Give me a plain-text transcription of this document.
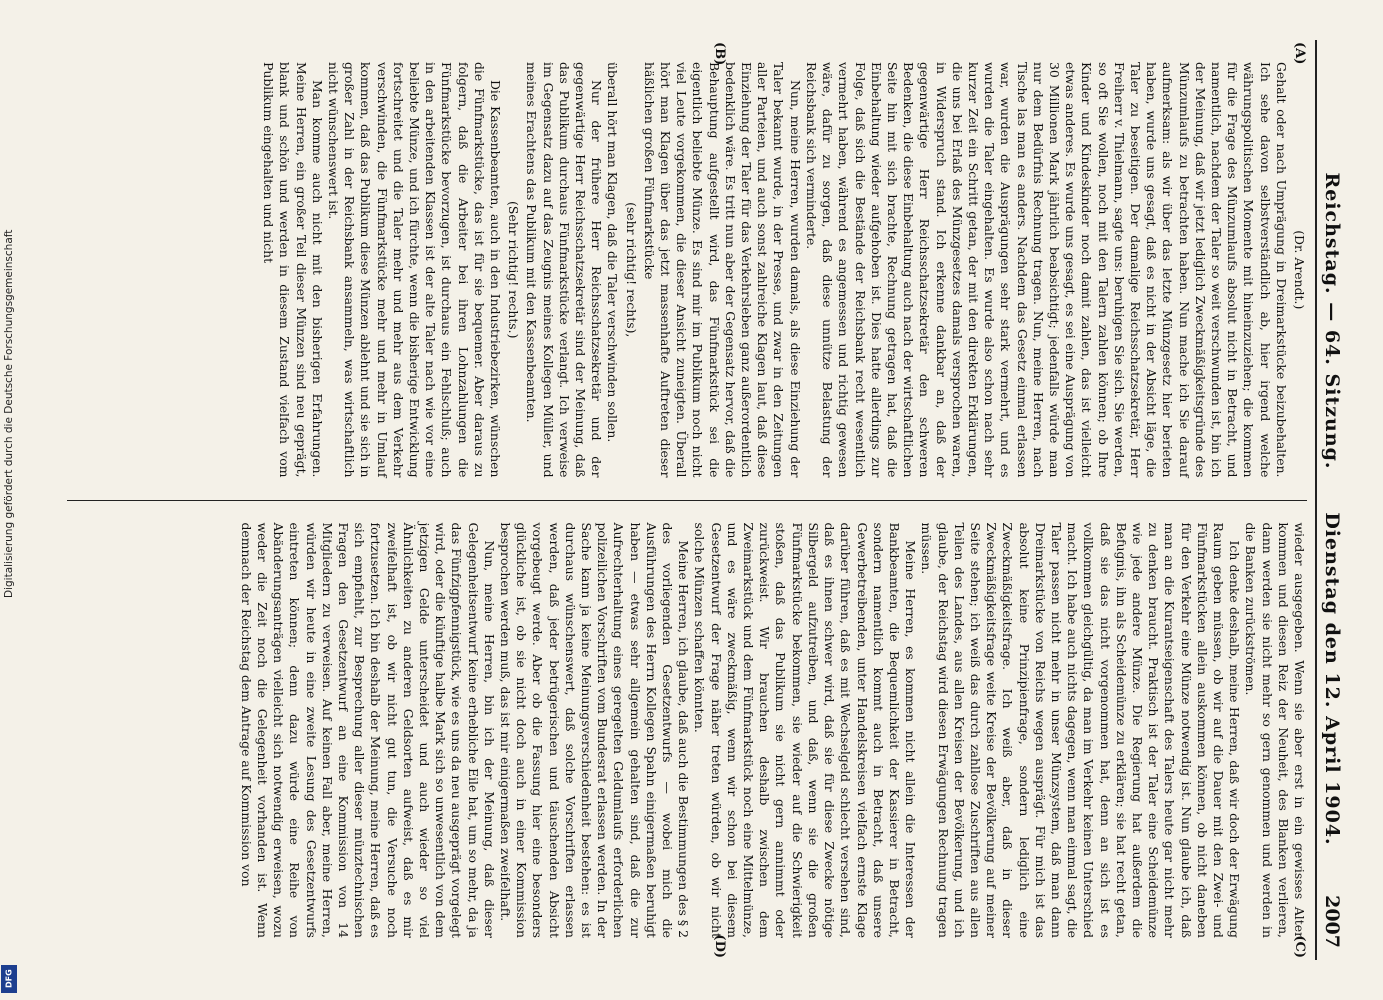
Reichstag. — 64. Sitzung.
Dienstag den 12. April 1904.
2007
(A)
(B)
(Dr. Arendt.)

Gehalt oder nach Umprägung in Dreimarkstücke beizubehalten. Ich sehe davon selbstverständlich ab, hier irgend welche währungspolitischen Momente mit hineinzuziehen; die kommen für die Frage des Münzumlaufs absolut nicht in Betracht, und namentlich, nachdem der Taler so weit verschwunden ist, bin ich der Meinung, daß wir jetzt lediglich Zweckmäßigkeitsgründe des Münzumlaufs zu betrachten haben. Nun mache ich Sie darauf aufmerksam: als wir über das letzte Münzgesetz hier berieten haben, wurde uns gesagt, daß es nicht in der Absicht läge, die Taler zu beseitigen. Der damalige Reichsschatzsekretär, Herr Freiherr v. Thielmann, sagte uns: beruhigen Sie sich. Sie werden, so oft Sie wollen, noch mit den Talern zahlen können; ob Ihre Kinder und Kindeskinder noch damit zahlen, das ist vielleicht etwas anderes. Es wurde uns gesagt, es sei eine Ausprägung von 30 Millionen Mark jährlich beabsichtigt; jedenfalls würde man nur dem Bedürfnis Rechnung tragen. Nun, meine Herren, nach Tische las man es anders. Nachdem das Gesetz einmal erlassen war, wurden die Ausprägungen sehr stark vermehrt, und es wurden die Taler eingehalten. Es wurde also schon nach sehr kurzer Zeit ein Schritt getan, der mit den direkten Erklärungen, die uns bei Erlaß des Münzgesetzes damals versprochen waren, in Widerspruch stand. Ich erkenne dankbar an, daß der gegenwärtige Herr Reichsschatzsekretär den schweren Bedenken, die diese Einbehaltung auch nach der wirtschaftlichen Seite hin mit sich brachte, Rechnung getragen hat, daß die Einbehaltung wieder aufgehoben ist. Dies hatte allerdings zur Folge, daß sich die Bestände der Reichsbank recht wesentlich vermehrt haben, während es angemessen und richtig gewesen wäre, dafür zu sorgen, daß diese unnütze Belastung der Reichsbank sich verminderte.

Nun, meine Herren, wurden damals, als diese Einziehung der Taler bekannt wurde, in der Presse, und zwar in den Zeitungen aller Parteien, und auch sonst zahlreiche Klagen laut, daß diese Einziehung der Taler für das Verkehrsleben ganz außerordentlich bedenklich wäre. Es tritt nun aber der Gegensatz hervor, daß die Behauptung aufgestellt wird, das Fünfmarkstück sei die eigentlich beliebte Münze. Es sind mir im Publikum noch nicht viel Leute vorgekommen, die dieser Ansicht zuneigten. Überall hört man Klagen über das jetzt massenhafte Auftreten dieser häßlichen großen Fünfmarkstücke

(sehr richtig! rechts),

überall hört man Klagen, daß die Taler verschwinden sollen.

Nur der frühere Herr Reichsschatzsekretär und der gegenwärtige Herr Reichsschatzsekretär sind der Meinung, daß das Publikum durchaus Fünfmarkstücke verlangt. Ich verweise im Gegensatz dazu auf das Zeugnis meines Kollegen Müller, und meines Erachtens das Publikum mit den Kassenbeamten.

(Sehr richtig! rechts.)

Die Kassenbeamten, auch in den Industriebezirken, wünschen die Fünfmarkstücke, das ist für sie bequemer. Aber daraus zu folgern, daß die Arbeiter bei ihren Lohnzahlungen die Fünfmarkstücke bevorzugen, ist durchaus ein Fehlschluß; auch in den arbeitenden Klassen ist der alte Taler nach wie vor eine beliebte Münze, und ich fürchte, wenn die bisherige Entwicklung fortschreitet und die Taler mehr und mehr aus dem Verkehr verschwinden, die Fünfmarkstücke mehr und mehr in Umlauf kommen, daß das Publikum diese Münzen ablehnt und sie sich in großer Zahl in der Reichsbank ansammeln, was wirtschaftlich nicht wünschenswert ist.

Man komme auch nicht mit den bisherigen Erfahrungen. Meine Herren, ein großer Teil dieser Münzen sind neu geprägt, blank und schön und werden in diesem Zustand vielfach vom Publikum eingehalten und nicht

(C)
(D)

wieder ausgegeben. Wenn sie aber erst in ein gewisses Alter kommen und diesen Reiz der Neuheit, des Blanken verlieren, dann werden sie nicht mehr so gern genommen und werden in die Banken zurückströmen.

Ich denke deshalb, meine Herren, daß wir doch der Erwägung Raum geben müssen, ob wir auf die Dauer mit den Zwei- und Fünfmarkstücken allein auskommen können, ob nicht daneben für den Verkehr eine Münze notwendig ist. Nun glaube ich, daß man an die Kurantseigenschaft des Talers heute gar nicht mehr zu denken braucht. Praktisch ist der Taler eine Scheidemünze wie jede andere Münze. Die Regierung hat außerdem die Befugnis, ihn als Scheidemünze zu erklären; sie hat recht getan, daß sie das nicht vorgenommen hat, denn an sich ist es vollkommen gleichgültig, da man im Verkehr keinen Unterschied macht. Ich habe auch nichts dagegen, wenn man einmal sagt, die Taler passen nicht mehr in unser Münzsystem, daß man dann Dreimarkstücke von Reichs wegen ausprägt. Für mich ist das absolut keine Prinzipienfrage, sondern lediglich eine Zweckmäßigkeitsfrage. Ich weiß aber, daß in dieser Zweckmäßigkeitsfrage weite Kreise der Bevölkerung auf meiner Seite stehen; ich weiß das durch zahllose Zuschriften aus allen Teilen des Landes, aus allen Kreisen der Bevölkerung, und ich glaube, der Reichstag wird diesen Erwägungen Rechnung tragen müssen.

Meine Herren, es kommen nicht allein die Interessen der Bankbeamten, die Bequemlichkeit der Kassierer in Betracht, sondern namentlich kommt auch in Betracht, daß unsere Gewerbetreibenden, unter Handelskreisen vielfach ernste Klage darüber führen, daß es mit Wechselgeld schlecht versehen sind, daß es ihnen schwer wird, daß sie für diese Zwecke nötige Silbergeld aufzutreiben, und daß, wenn sie die großen Fünfmarkstücke bekommen, sie wieder auf die Schwierigkeit stoßen, daß das Publikum sie nicht gern annimmt oder zurückweist. Wir brauchen deshalb zwischen dem Zweimarkstück und dem Fünfmarkstück noch eine Mittelmünze, und es wäre zweckmäßig, wenn wir schon bei diesem Gesetzentwurf der Frage näher treten würden, ob wir nicht solche Münzen schaffen könnten.

Meine Herren, ich glaube, daß auch die Bestimmungen des § 2 des vorliegenden Gesetzentwurfs — wobei mich die Ausführungen des Herrn Kollegen Spahn einigermaßen beruhigt haben — etwas sehr allgemein gehalten sind, daß die zur Aufrechterhaltung eines geregelten Geldumlaufs erforderlichen polizeilichen Vorschriften vom Bundesrat erlassen werden. In der Sache kann ja keine Meinungsverschiedenheit bestehen: es ist durchaus wünschenswert, daß solche Vorschriften erlassen werden, daß jeder betrügerischen und täuschenden Absicht vorgebeugt werde. Aber ob die Fassung hier eine besonders glückliche ist, ob sie nicht doch auch in einer Kommission besprochen werden muß, das ist mir einigermaßen zweifelhaft.

Nun, meine Herren, bin ich der Meinung, daß dieser Gelegenheitsentwurf keine erhebliche Eile hat, um so mehr, da ja das Fünfzigpfennigstück, wie es uns da neu ausgeprägt vorgelegt wird, oder die künftige halbe Mark sich so unwesentlich von dem jetzigen Gelde unterscheidet und auch wieder so viel Ähnlichkeiten zu anderen Geldsorten aufweist, daß es mir zweifelhaft ist, ob wir nicht gut tun, die Versuche noch fortzusetzen. Ich bin deshalb der Meinung, meine Herren, daß es sich empfiehlt, zur Besprechung aller dieser münztechnischen Fragen den Gesetzentwurf an eine Kommission von 14 Mitgliedern zu verweisen. Auf keinen Fall aber, meine Herren, würden wir heute in eine zweite Lesung des Gesetzentwurfs eintreten können; denn dazu würde eine Reihe von Abänderungsanträgen vielleicht sich notwendig erweisen, wozu weder die Zeit noch die Gelegenheit vorhanden ist. Wenn demnach der Reichstag dem Antrage auf Kommission von

Digitalisierung gefördert durch die Deutsche Forschungsgemeinschaft
DFG
